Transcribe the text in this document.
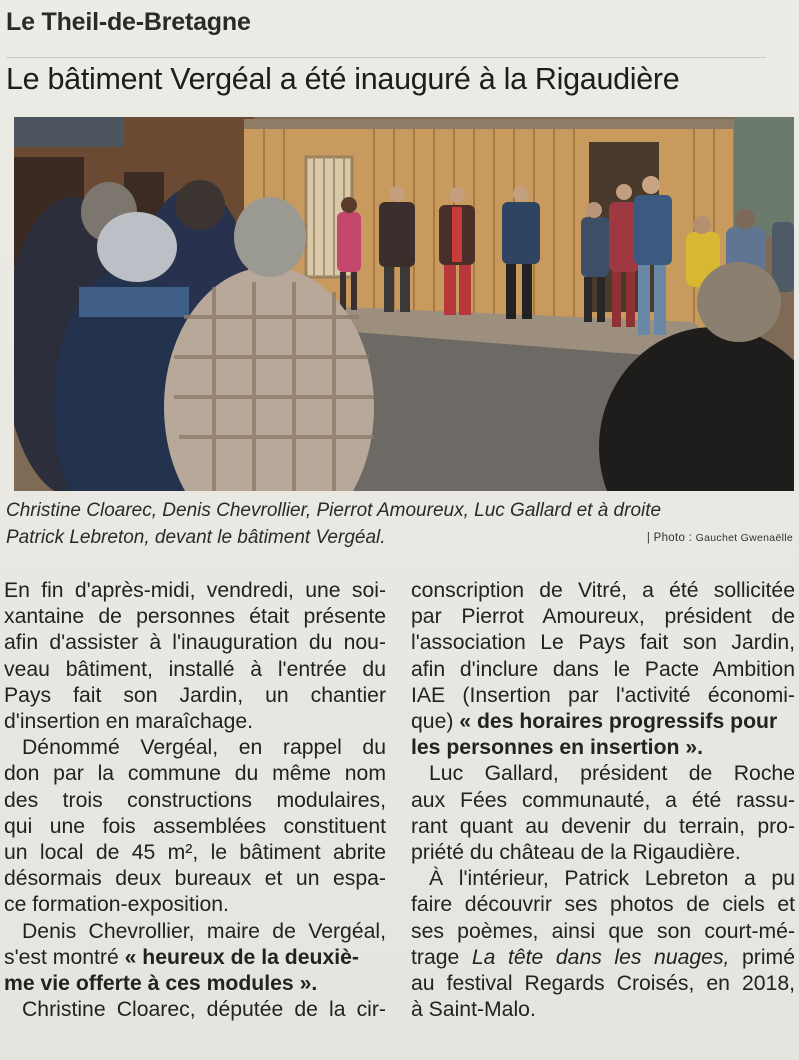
Le Theil-de-Bretagne
Le bâtiment Vergéal a été inauguré à la Rigaudière
Christine Cloarec, Denis Chevrollier, Pierrot Amoureux, Luc Gallard et à droite
Patrick Lebreton, devant le bâtiment Vergéal.	| Photo : Gauchet Gwenaëlle
En fin d'après-midi, vendredi, une soi-
xantaine de personnes était présente
afin d'assister à l'inauguration du nou-
veau bâtiment, installé à l'entrée du
Pays fait son Jardin, un chantier
d'insertion en maraîchage.
Dénommé Vergéal, en rappel du
don par la commune du même nom
des trois constructions modulaires,
qui une fois assemblées constituent
un local de 45 m², le bâtiment abrite
désormais deux bureaux et un espa-
ce formation-exposition.
Denis Chevrollier, maire de Vergéal,
s'est montré « heureux de la deuxiè-
me vie offerte à ces modules ».
Christine Cloarec, députée de la cir-
conscription de Vitré, a été sollicitée
par Pierrot Amoureux, président de
l'association Le Pays fait son Jardin,
afin d'inclure dans le Pacte Ambition
IAE (Insertion par l'activité économi-
que) « des horaires progressifs pour
les personnes en insertion ».
Luc Gallard, président de Roche
aux Fées communauté, a été rassu-
rant quant au devenir du terrain, pro-
priété du château de la Rigaudière.
À l'intérieur, Patrick Lebreton a pu
faire découvrir ses photos de ciels et
ses poèmes, ainsi que son court-mé-
trage La tête dans les nuages, primé
au festival Regards Croisés, en 2018,
à Saint-Malo.
